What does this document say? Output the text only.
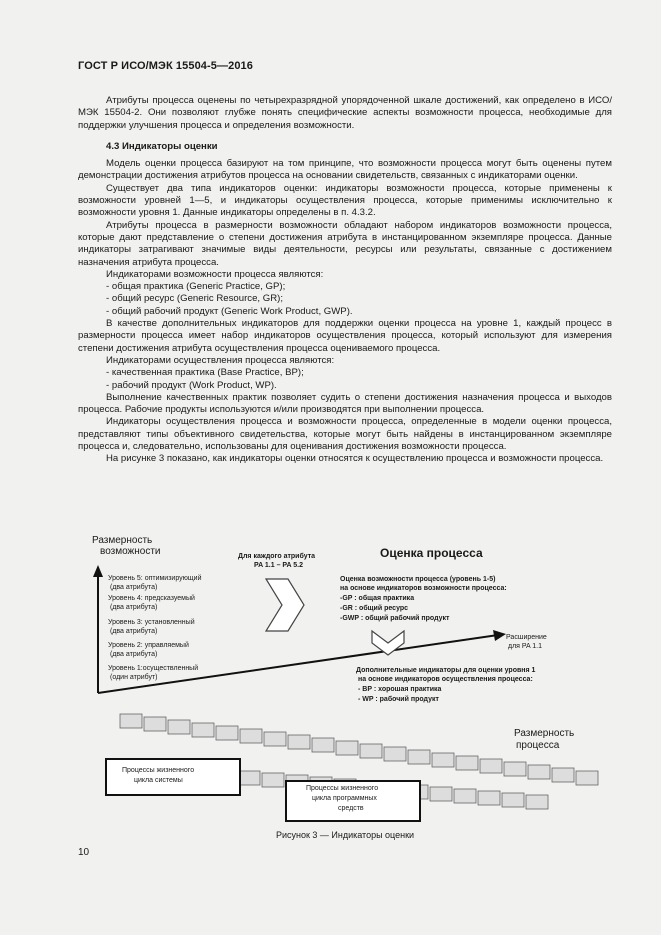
ГОСТ Р ИСО/МЭК 15504-5—2016

Атрибуты процесса оценены по четырехразрядной упорядоченной шкале достижений, как определено в ИСО/МЭК 15504-2. Они позволяют глубже понять специфические аспекты возможности процесса, необходимые для поддержки улучшения процесса и определения возможности.

4.3 Индикаторы оценки

Модель оценки процесса базируют на том принципе, что возможности процесса могут быть оценены путем демонстрации достижения атрибутов процесса на основании свидетельств, связанных с индикаторами оценки.

Существует два типа индикаторов оценки: индикаторы возможности процесса, которые применены к возможности уровней 1—5, и индикаторы осуществления процесса, которые применимы исключительно к возможности уровня 1. Данные индикаторы определены в п. 4.3.2.

Атрибуты процесса в размерности возможности обладают набором индикаторов возможности процесса, которые дают представление о степени достижения атрибута в инстанцированном экземпляре процесса. Данные индикаторы затрагивают значимые виды деятельности, ресурсы или результаты, связанные с достижением назначения атрибута процесса.

Индикаторами возможности процесса являются:

- общая практика (Generic Practice, GP);

- общий ресурс (Generic Resource, GR);

- общий рабочий продукт (Generic Work Product, GWP).

В качестве дополнительных индикаторов для поддержки оценки процесса на уровне 1, каждый процесс в размерности процесса имеет набор индикаторов осуществления процесса, который используют для измерения степени достижения атрибута осуществления процесса оцениваемого процесса.

Индикаторами осуществления процесса являются:

- качественная практика (Base Practice, BP);

- рабочий продукт (Work Product, WP).

Выполнение качественных практик позволяет судить о степени достижения назначения процесса и выходов процесса. Рабочие продукты используются и/или производятся при выполнении процесса.

Индикаторы осуществления процесса и возможности процесса, определенные в модели оценки процесса, представляют типы объективного свидетельства, которые могут быть найдены в инстанцированном экземпляре процесса и, следовательно, использованы для оценивания достижения возможности процесса.

На рисунке 3 показано, как индикаторы оценки относятся к осуществлению процесса и возможности процесса.

Размерность
возможности
Уровень 5: оптимизирующий
(два атрибута)
Уровень 4: предсказуемый
(два атрибута)
Уровень 3: установленный
(два атрибута)
Уровень 2: управляемый
(два атрибута)
Уровень 1:осуществленный
(один атрибут)
Для каждого атрибута
PA 1.1 – PA 5.2
Оценка процесса
Оценка возможности процесса (уровень 1-5)
на основе индикаторов возможности процесса:
-GP : общая практика
-GR : общий ресурс
-GWP : общий рабочий продукт
Расширение
для PA 1.1
Дополнительные индикаторы для оценки уровня 1
на основе индикаторов осуществления процесса:
- BP : хорошая практика
- WP : рабочий продукт
Размерность
процесса
Процессы жизненного
цикла системы
Процессы жизненного
цикла программных
средств
Рисунок 3 — Индикаторы оценки
10
